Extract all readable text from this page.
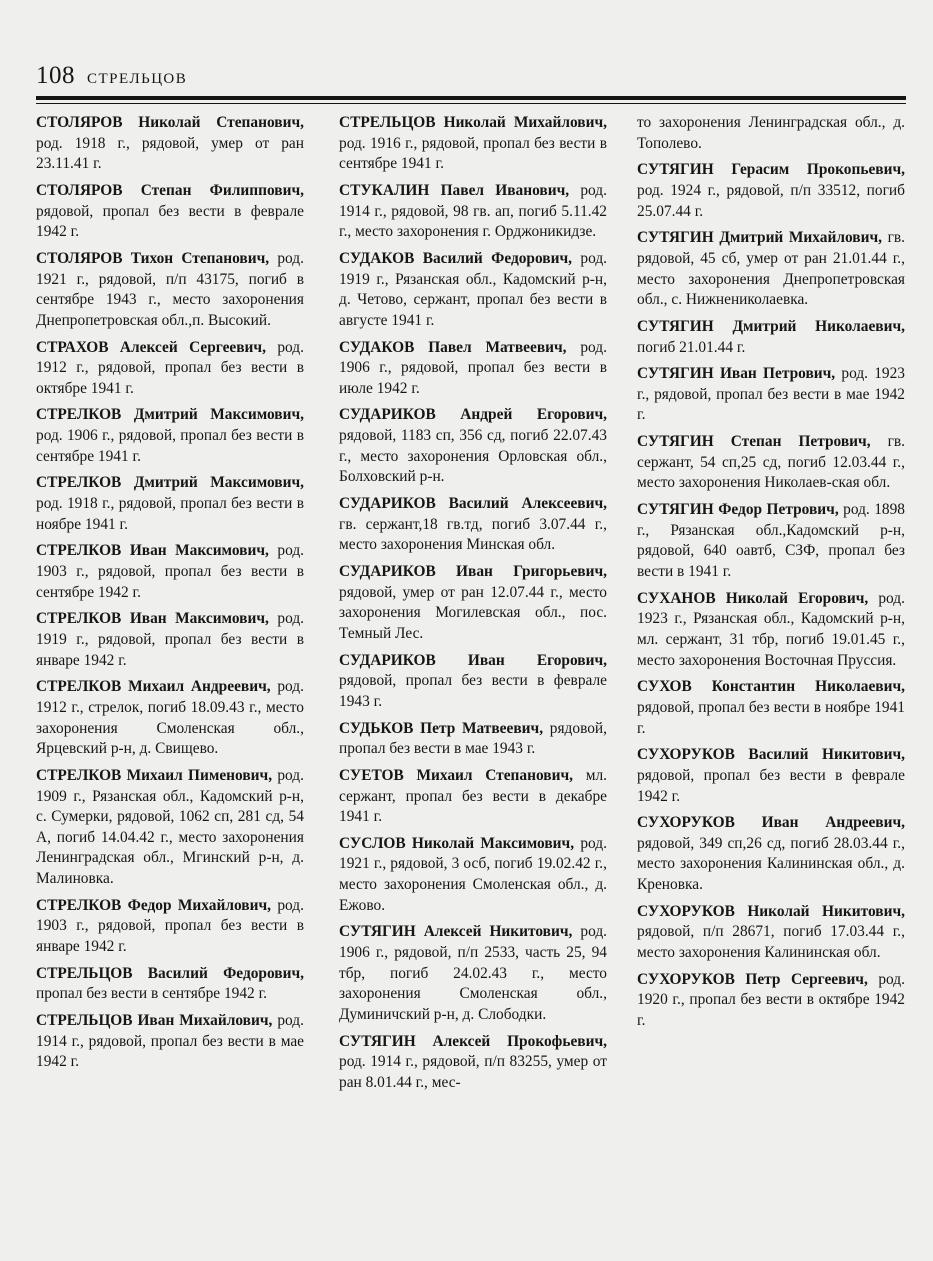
108 СТРЕЛЬЦОВ

СТОЛЯРОВ Николай Степанович, род. 1918 г., рядовой, умер от ран 23.11.41 г.

СТОЛЯРОВ Степан Филиппович, рядовой, пропал без вести в феврале 1942 г.

СТОЛЯРОВ Тихон Степанович, род. 1921 г., рядовой, п/п 43175, погиб в сентябре 1943 г., место захоронения Днепропетровская обл.,п. Высокий.

СТРАХОВ Алексей Сергеевич, род. 1912 г., рядовой, пропал без вести в октябре 1941 г.

СТРЕЛКОВ Дмитрий Максимович, род. 1906 г., рядовой, пропал без вести в сентябре 1941 г.

СТРЕЛКОВ Дмитрий Максимович, род. 1918 г., рядовой, пропал без вести в ноябре 1941 г.

СТРЕЛКОВ Иван Максимович, род. 1903 г., рядовой, пропал без вести в сентябре 1942 г.

СТРЕЛКОВ Иван Максимович, род. 1919 г., рядовой, пропал без вести в январе 1942 г.

СТРЕЛКОВ Михаил Андреевич, род. 1912 г., стрелок, погиб 18.09.43 г., место захоронения Смоленская обл., Ярцевский р-н, д. Свищево.

СТРЕЛКОВ Михаил Пименович, род. 1909 г., Рязанская обл., Кадомский р-н, с. Сумерки, рядовой, 1062 сп, 281 сд, 54 А, погиб 14.04.42 г., место захоронения Ленинградская обл., Мгинский р-н, д. Малиновка.

СТРЕЛКОВ Федор Михайлович, род. 1903 г., рядовой, пропал без вести в январе 1942 г.

СТРЕЛЬЦОВ Василий Федорович, пропал без вести в сентябре 1942 г.

СТРЕЛЬЦОВ Иван Михайлович, род. 1914 г., рядовой, пропал без вести в мае 1942 г.

СТРЕЛЬЦОВ Николай Михайлович, род. 1916 г., рядовой, пропал без вести в сентябре 1941 г.

СТУКАЛИН Павел Иванович, род. 1914 г., рядовой, 98 гв. ап, погиб 5.11.42 г., место захоронения г. Орджоникидзе.

СУДАКОВ Василий Федорович, род. 1919 г., Рязанская обл., Кадомский р-н, д. Четово, сержант, пропал без вести в августе 1941 г.

СУДАКОВ Павел Матвеевич, род. 1906 г., рядовой, пропал без вести в июле 1942 г.

СУДАРИКОВ Андрей Егорович, рядовой, 1183 сп, 356 сд, погиб 22.07.43 г., место захоронения Орловская обл., Болховский р-н.

СУДАРИКОВ Василий Алексеевич, гв. сержант,18 гв.тд, погиб 3.07.44 г., место захоронения Минская обл.

СУДАРИКОВ Иван Григорьевич, рядовой, умер от ран 12.07.44 г., место захоронения Могилевская обл., пос. Темный Лес.

СУДАРИКОВ Иван Егорович, рядовой, пропал без вести в феврале 1943 г.

СУДЬКОВ Петр Матвеевич, рядовой, пропал без вести в мае 1943 г.

СУЕТОВ Михаил Степанович, мл. сержант, пропал без вести в декабре 1941 г.

СУСЛОВ Николай Максимович, род. 1921 г., рядовой, 3 осб, погиб 19.02.42 г., место захоронения Смоленская обл., д. Ежово.

СУТЯГИН Алексей Никитович, род. 1906 г., рядовой, п/п 2533, часть 25, 94 тбр, погиб 24.02.43 г., место захоронения Смоленская обл., Думиничский р-н, д. Слободки.

СУТЯГИН Алексей Прокофьевич, род. 1914 г., рядовой, п/п 83255, умер от ран 8.01.44 г., мес-

то захоронения Ленинградская обл., д. Тополево.

СУТЯГИН Герасим Прокопьевич, род. 1924 г., рядовой, п/п 33512, погиб 25.07.44 г.

СУТЯГИН Дмитрий Михайлович, гв. рядовой, 45 сб, умер от ран 21.01.44 г., место захоронения Днепропетровская обл., с. Нижнениколаевка.

СУТЯГИН Дмитрий Николаевич, погиб 21.01.44 г.

СУТЯГИН Иван Петрович, род. 1923 г., рядовой, пропал без вести в мае 1942 г.

СУТЯГИН Степан Петрович, гв. сержант, 54 сп,25 сд, погиб 12.03.44 г., место захоронения Николаев-ская обл.

СУТЯГИН Федор Петрович, род. 1898 г., Рязанская обл.,Кадомский р-н, рядовой, 640 оавтб, СЗФ, пропал без вести в 1941 г.

СУХАНОВ Николай Егорович, род. 1923 г., Рязанская обл., Кадомский р-н, мл. сержант, 31 тбр, погиб 19.01.45 г., место захоронения Восточная Пруссия.

СУХОВ Константин Николаевич, рядовой, пропал без вести в ноябре 1941 г.

СУХОРУКОВ Василий Никитович, рядовой, пропал без вести в феврале 1942 г.

СУХОРУКОВ Иван Андреевич, рядовой, 349 сп,26 сд, погиб 28.03.44 г., место захоронения Калининская обл., д. Креновка.

СУХОРУКОВ Николай Никитович, рядовой, п/п 28671, погиб 17.03.44 г., место захоронения Калининская обл.

СУХОРУКОВ Петр Сергеевич, род. 1920 г., пропал без вести в октябре 1942 г.
